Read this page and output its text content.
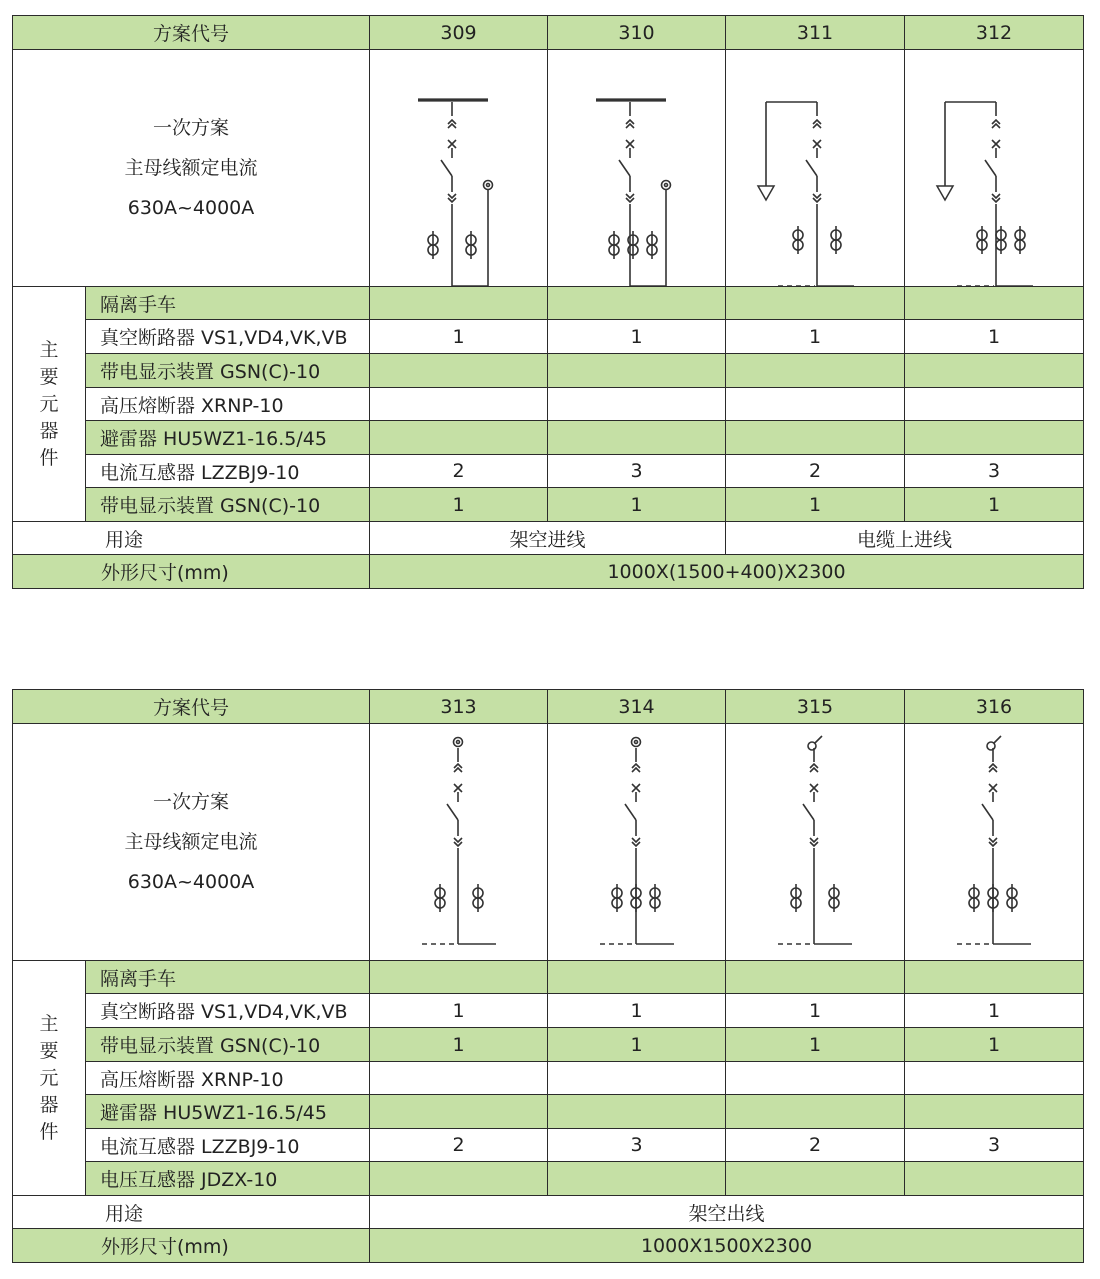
方案代号		309	310	311	312

一次方案
主母线额定电流
630A~4000A

主
要
元
器
件	隔离手车				
	真空断路器 VS1,VD4,VK,VB	1	1	1	1
	带电显示装置 GSN(C)-10				
	高压熔断器 XRNP-10				
	避雷器 HU5WZ1-16.5/45				
	电流互感器 LZZBJ9-10	2	3	2	3
	带电显示装置 GSN(C)-10	1	1	1	1
用途		架空进线		电缆上进线	
外形尺寸(mm)		1000X(1500+400)X2300			
方案代号		313	314	315	316

一次方案
主母线额定电流
630A~4000A

主
要
元
器
件	隔离手车				
	真空断路器 VS1,VD4,VK,VB	1	1	1	1
	带电显示装置 GSN(C)-10	1	1	1	1
	高压熔断器 XRNP-10				
	避雷器 HU5WZ1-16.5/45				
	电流互感器 LZZBJ9-10	2	3	2	3
	电压互感器 JDZX-10				
用途		架空出线			
外形尺寸(mm)		1000X1500X2300			
